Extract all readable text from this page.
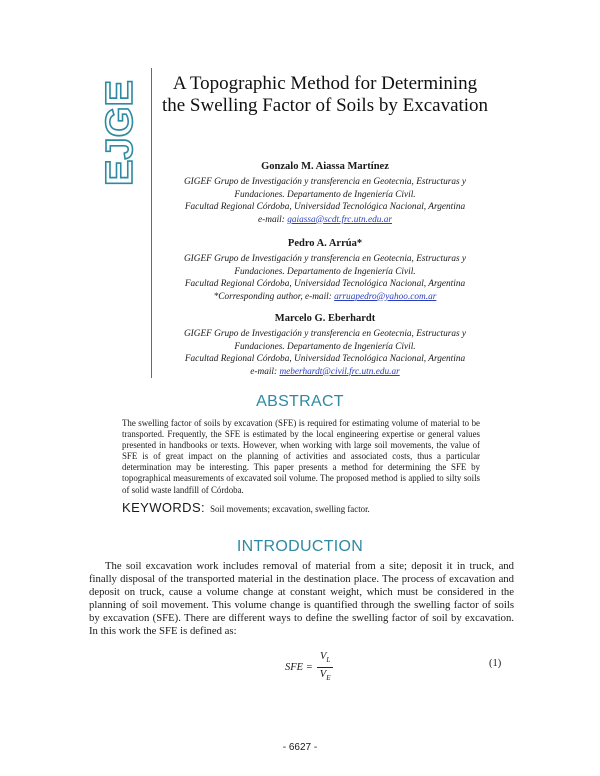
EJGE
A Topographic Method for Determining the Swelling Factor of Soils by Excavation
Gonzalo M. Aiassa Martínez
GIGEF Grupo de Investigación y transferencia en Geotecnia, Estructuras y Fundaciones. Departamento de Ingeniería Civil.
Facultad Regional Córdoba, Universidad Tecnológica Nacional, Argentina
e-mail: gaiassa@scdt.frc.utn.edu.ar
Pedro A. Arrúa*
GIGEF Grupo de Investigación y transferencia en Geotecnia, Estructuras y Fundaciones. Departamento de Ingeniería Civil.
Facultad Regional Córdoba, Universidad Tecnológica Nacional, Argentina
*Corresponding author, e-mail: arruapedro@yahoo.com.ar
Marcelo G. Eberhardt
GIGEF Grupo de Investigación y transferencia en Geotecnia, Estructuras y Fundaciones. Departamento de Ingeniería Civil.
Facultad Regional Córdoba, Universidad Tecnológica Nacional, Argentina
e-mail: meberhardt@civil.frc.utn.edu.ar
ABSTRACT
The swelling factor of soils by excavation (SFE) is required for estimating volume of material to be transported. Frequently, the SFE is estimated by the local engineering expertise or general values presented in handbooks or texts. However, when working with large soil movements, the value of SFE is of great impact on the planning of activities and associated costs, thus a particular determination may be interesting. This paper presents a method for determining the SFE by topographical measurements of excavated soil volume. The proposed method is applied to silty soils of solid waste landfill of Córdoba.
KEYWORDS: Soil movements; excavation, swelling factor.
INTRODUCTION

The soil excavation work includes removal of material from a site; deposit it in truck, and finally disposal of the transported material in the destination place. The process of excavation and deposit on truck, cause a volume change at constant weight, which must be considered in the planning of soil movement. This volume change is quantified through the swelling factor of soils by excavation (SFE). There are different ways to define the swelling factor of soil by excavation. In this work the SFE is defined as:

SFE = $\frac{V_L}{V_E}$	(1)
- 6627 -
